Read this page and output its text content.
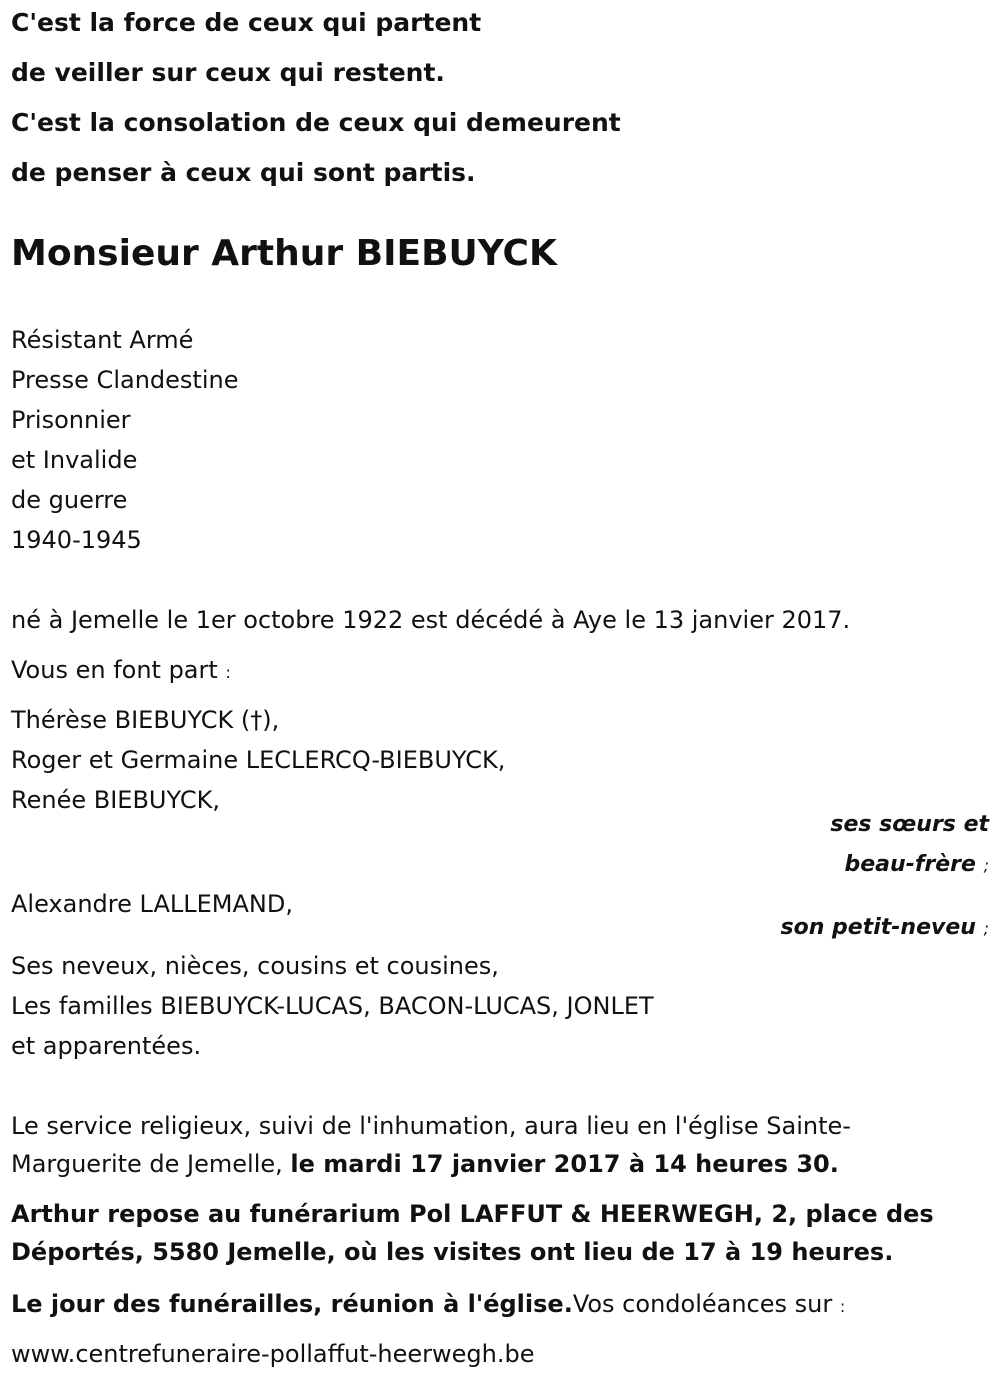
C'est la force de ceux qui partent
de veiller sur ceux qui restent.
C'est la consolation de ceux qui demeurent
de penser à ceux qui sont partis.
Monsieur Arthur BIEBUYCK
Résistant Armé
Presse Clandestine
Prisonnier
et Invalide
de guerre
1940-1945
né à Jemelle le 1er octobre 1922 est décédé à Aye le 13 janvier 2017.
Vous en font part :
Thérèse BIEBUYCK (†),
Roger et Germaine LECLERCQ-BIEBUYCK,
Renée BIEBUYCK,
ses sœurs et
beau-frère ;
Alexandre LALLEMAND,
son petit-neveu ;
Ses neveux, nièces, cousins et cousines,
Les familles BIEBUYCK-LUCAS, BACON-LUCAS, JONLET
et apparentées.
Le service religieux, suivi de l'inhumation, aura lieu en l'église Sainte-
Marguerite de Jemelle, le mardi 17 janvier 2017 à 14 heures 30.
Arthur repose au funérarium Pol LAFFUT & HEERWEGH, 2, place des
Déportés, 5580 Jemelle, où les visites ont lieu de 17 à 19 heures.
Le jour des funérailles, réunion à l'église.Vos condoléances sur :
www.centrefuneraire-pollaffut-heerwegh.be
